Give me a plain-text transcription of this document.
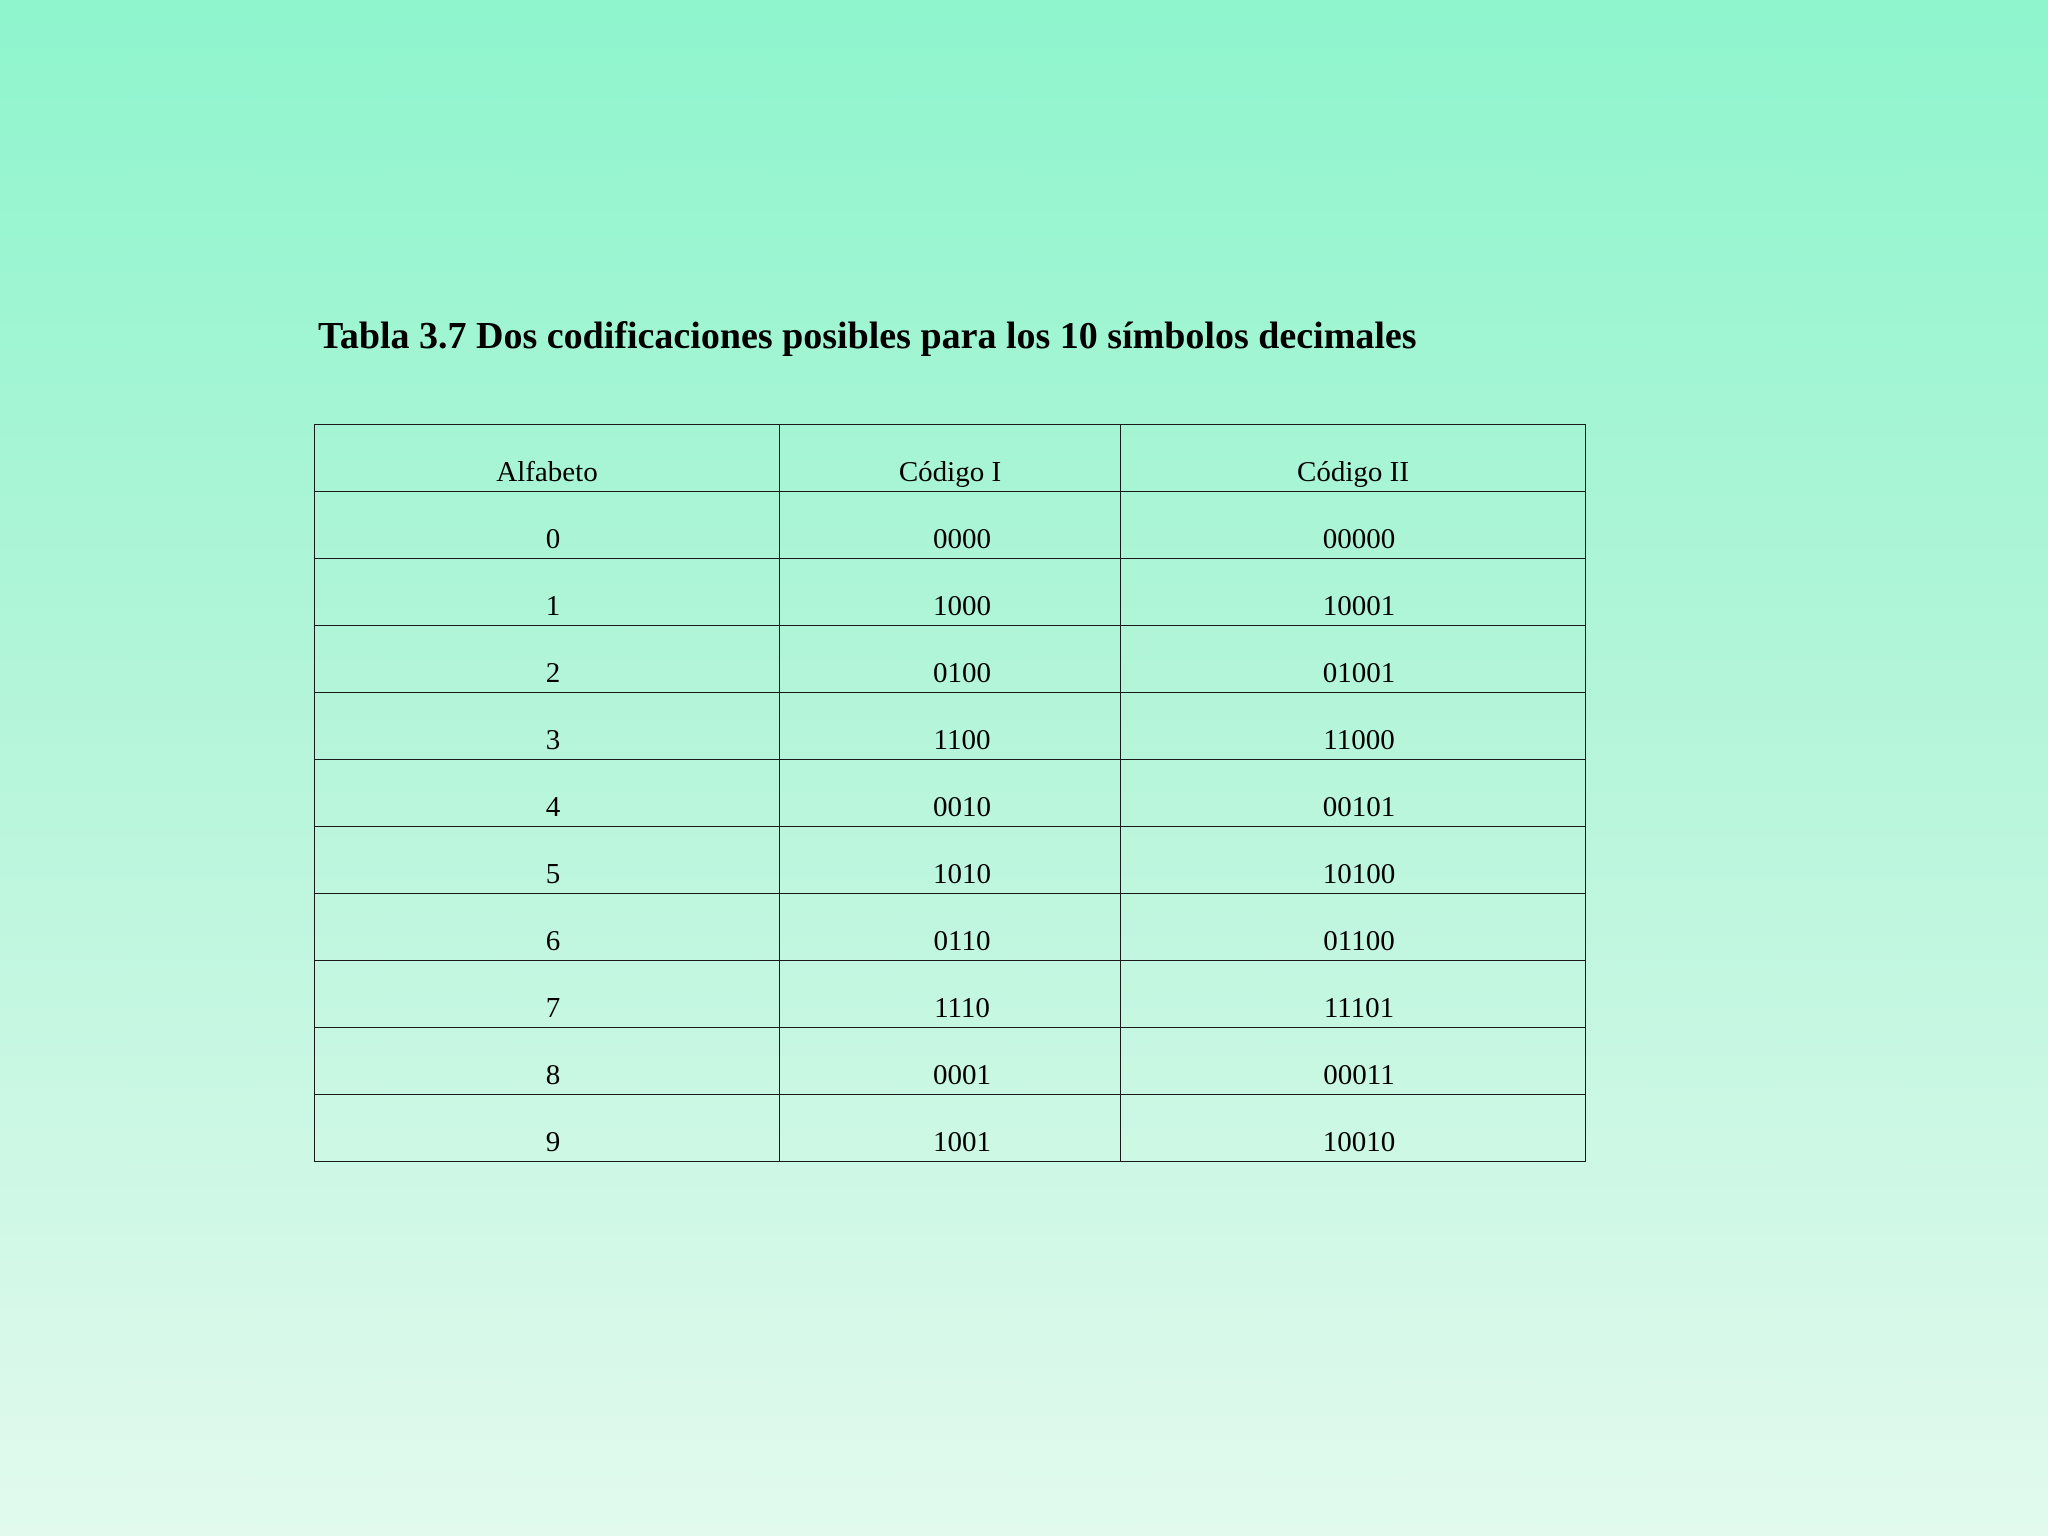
Tabla 3.7 Dos codificaciones posibles para los 10 símbolos decimales
Alfabeto	Código I	Código II
0	0000	00000
1	1000	10001
2	0100	01001
3	1100	11000
4	0010	00101
5	1010	10100
6	0110	01100
7	1110	11101
8	0001	00011
9	1001	10010
